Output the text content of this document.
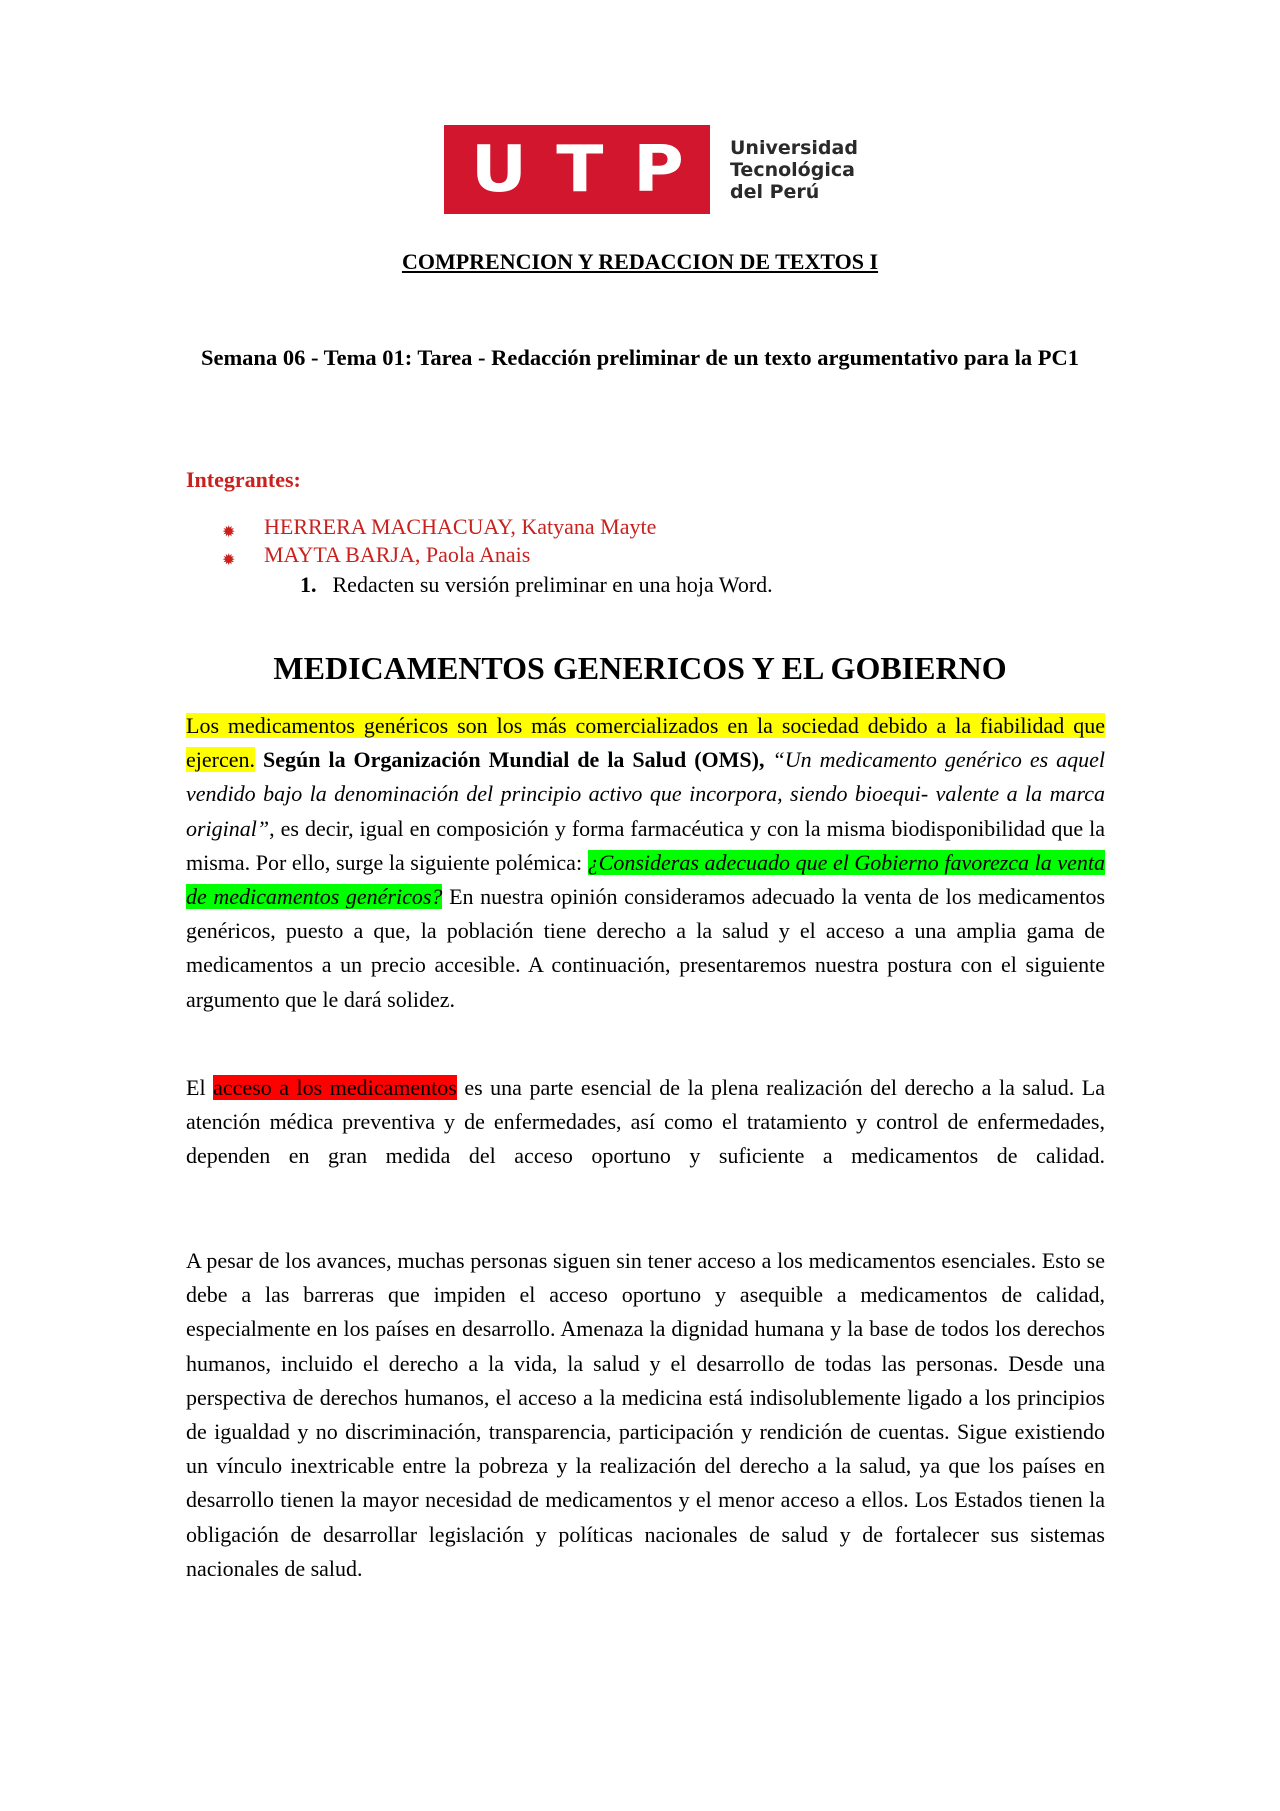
U T P Universidad
Tecnológica
del Perú
COMPRENCION Y REDACCION DE TEXTOS I
Semana 06 - Tema 01: Tarea - Redacción preliminar de un texto argumentativo para la PC1
Integrantes:
✹ HERRERA MACHACUAY, Katyana Mayte
✹ MAYTA BARJA, Paola Anais
1. Redacten su versión preliminar en una hoja Word.
MEDICAMENTOS GENERICOS Y EL GOBIERNO

Los medicamentos genéricos son los más comercializados en la sociedad debido a la fiabilidad que ejercen. Según la Organización Mundial de la Salud (OMS), “Un medicamento genérico es aquel vendido bajo la denominación del principio activo que incorpora, siendo bioequi- valente a la marca original”, es decir, igual en composición y forma farmacéutica y con la misma biodisponibilidad que la misma. Por ello, surge la siguiente polémica: ¿Consideras adecuado que el Gobierno favorezca la venta de medicamentos genéricos? En nuestra opinión consideramos adecuado la venta de los medicamentos genéricos, puesto a que, la población tiene derecho a la salud y el acceso a una amplia gama de medicamentos a un precio accesible. A continuación, presentaremos nuestra postura con el siguiente argumento que le dará solidez.

El acceso a los medicamentos es una parte esencial de la plena realización del derecho a la salud. La atención médica preventiva y de enfermedades, así como el tratamiento y control de enfermedades, dependen en gran medida del acceso oportuno y suficiente a medicamentos de calidad.

A pesar de los avances, muchas personas siguen sin tener acceso a los medicamentos esenciales. Esto se debe a las barreras que impiden el acceso oportuno y asequible a medicamentos de calidad, especialmente en los países en desarrollo. Amenaza la dignidad humana y la base de todos los derechos humanos, incluido el derecho a la vida, la salud y el desarrollo de todas las personas. Desde una perspectiva de derechos humanos, el acceso a la medicina está indisolublemente ligado a los principios de igualdad y no discriminación, transparencia, participación y rendición de cuentas. Sigue existiendo un vínculo inextricable entre la pobreza y la realización del derecho a la salud, ya que los países en desarrollo tienen la mayor necesidad de medicamentos y el menor acceso a ellos. Los Estados tienen la obligación de desarrollar legislación y políticas nacionales de salud y de fortalecer sus sistemas nacionales de salud.
